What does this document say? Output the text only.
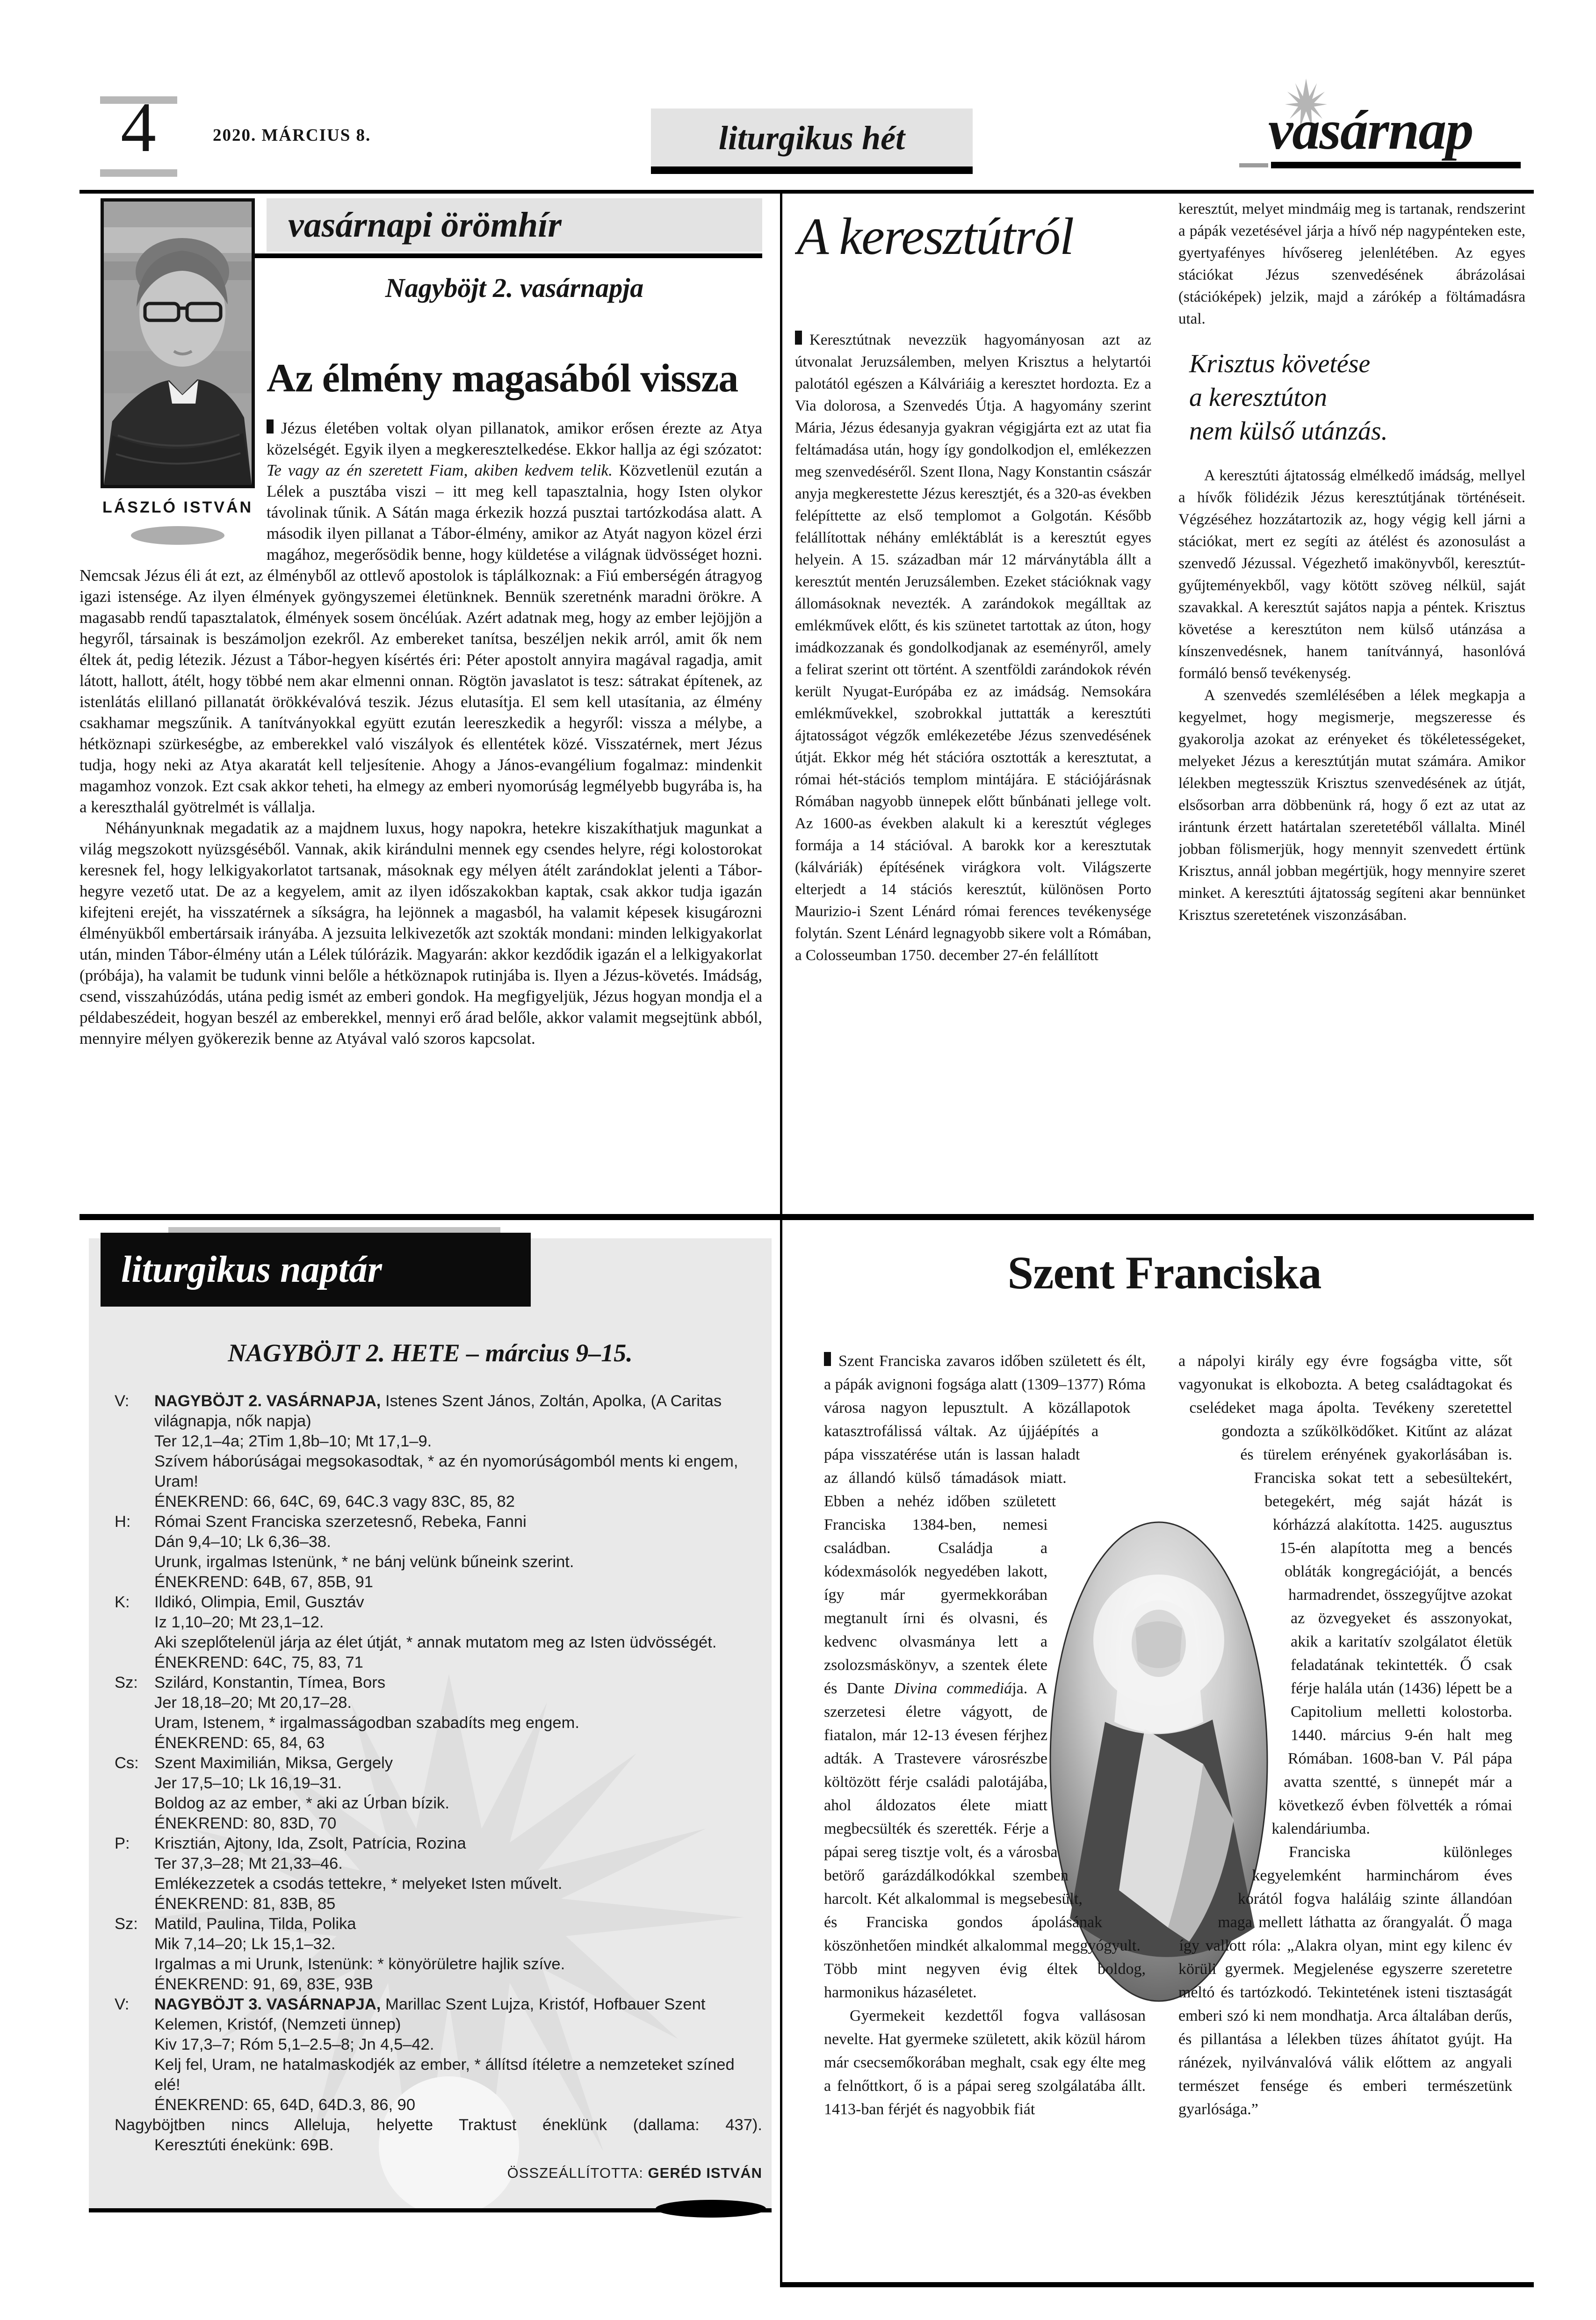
4	2020. MÁRCIUS 8.	liturgikus hét	vasárnap
LÁSZLÓ ISTVÁN
vasárnapi örömhír
Nagyböjt 2. vasárnapja
Az élmény magasából vissza

Jézus életében voltak olyan pillanatok, amikor erősen érezte az Atya közelségét. Egyik ilyen a megkeresztelkedése. Ekkor hallja az égi szózatot: Te vagy az én szeretett Fiam, akiben kedvem telik. Közvetlenül ezután a Lélek a pusztába viszi – itt meg kell tapasztalnia, hogy Isten olykor távolinak tűnik. A Sátán maga érkezik hozzá pusztai tartózkodása alatt. A második ilyen pillanat a Tábor-élmény, amikor az Atyát nagyon közel érzi magához, megerősödik benne, hogy küldetése a világnak üdvösséget hozni. Nemcsak Jézus éli át ezt, az élményből az ottlevő apostolok is táplálkoznak: a Fiú emberségén átragyog igazi istensége. Az ilyen élmények gyöngyszemei életünknek. Bennük szeretnénk maradni örökre. A magasabb rendű tapasztalatok, élmények sosem öncélúak. Azért adatnak meg, hogy az ember lejöjjön a hegyről, társainak is beszámoljon ezekről. Az embereket tanítsa, beszéljen nekik arról, amit ők nem éltek át, pedig létezik. Jézust a Tábor-hegyen kísértés éri: Péter apostolt annyira magával ragadja, amit látott, hallott, átélt, hogy többé nem akar elmenni onnan. Rögtön javaslatot is tesz: sátrakat építenek, az istenlátás elillanó pillanatát örökkévalóvá teszik. Jézus elutasítja. El sem kell utasítania, az élmény csakhamar megszűnik. A tanítványokkal együtt ezután leereszkedik a hegyről: vissza a mélybe, a hétköznapi szürkeségbe, az emberekkel való viszályok és ellentétek közé. Visszatérnek, mert Jézus tudja, hogy neki az Atya akaratát kell teljesítenie. Ahogy a János-evangélium fogalmaz: mindenkit magamhoz vonzok. Ezt csak akkor teheti, ha elmegy az emberi nyomorúság legmélyebb bugyrába is, ha a kereszthalál gyötrelmét is vállalja.

Néhányunknak megadatik az a majdnem luxus, hogy napokra, hetekre kiszakíthatjuk magunkat a világ megszokott nyüzsgéséből. Vannak, akik kirándulni mennek egy csendes helyre, régi kolostorokat keresnek fel, hogy lelkigyakorlatot tartsanak, másoknak egy mélyen átélt zarándoklat jelenti a Tábor-hegyre vezető utat. De az a kegyelem, amit az ilyen időszakokban kaptak, csak akkor tudja igazán kifejteni erejét, ha visszatérnek a síkságra, ha lejönnek a magasból, ha valamit képesek kisugározni élményükből embertársaik irányába. A jezsuita lelkivezetők azt szokták mondani: minden lelkigyakorlat után, minden Tábor-élmény után a Lélek túlórázik. Magyarán: akkor kezdődik igazán el a lelkigyakorlat (próbája), ha valamit be tudunk vinni belőle a hétköznapok rutinjába is. Ilyen a Jézus-követés. Imádság, csend, visszahúzódás, utána pedig ismét az emberi gondok. Ha megfigyeljük, Jézus hogyan mondja el a példabeszédeit, hogyan beszél az emberekkel, mennyi erő árad belőle, akkor valamit megsejtünk abból, mennyire mélyen gyökerezik benne az Atyával való szoros kapcsolat.

A keresztútról

Keresztútnak nevezzük hagyományosan azt az útvonalat Jeruzsálemben, melyen Krisztus a helytartói palotától egészen a Kálváriáig a keresztet hordozta. Ez a Via dolorosa, a Szenvedés Útja. A hagyomány szerint Mária, Jézus édesanyja gyakran végigjárta ezt az utat fia feltámadása után, hogy így gondolkodjon el, emlékezzen meg szenvedéséről. Szent Ilona, Nagy Konstantin császár anyja megkerestette Jézus keresztjét, és a 320-as években felépíttette az első templomot a Golgotán. Később felállítottak néhány emléktáblát is a keresztút egyes helyein. A 15. században már 12 márványtábla állt a keresztút mentén Jeruzsálemben. Ezeket stációknak vagy állomásoknak nevezték. A zarándokok megálltak az emlékművek előtt, és kis szünetet tartottak az úton, hogy imádkozzanak és gondolkodjanak az eseményről, amely a felirat szerint ott történt. A szentföldi zarándokok révén került Nyugat-Európába ez az imádság. Nemsokára emlékművekkel, szobrokkal juttatták a keresztúti ájtatosságot végzők emlékezetébe Jézus szenvedésének útját. Ekkor még hét stációra osztották a keresztutat, a római hét-stációs templom mintájára. E stációjárásnak Rómában nagyobb ünnepek előtt bűnbánati jellege volt. Az 1600-as években alakult ki a keresztút végleges formája a 14 stációval. A barokk kor a keresztutak (kálváriák) építésének virágkora volt. Világszerte elterjedt a 14 stációs keresztút, különösen Porto Maurizio-i Szent Lénárd római ferences tevékenysége folytán. Szent Lénárd legnagyobb sikere volt a Rómában, a Colosseumban 1750. december 27-én felállított

keresztút, melyet mindmáig meg is tartanak, rendszerint a pápák vezetésével járja a hívő nép nagypénteken este, gyertyafényes hívősereg jelenlétében. Az egyes stációkat Jézus szenvedésének ábrázolásai (stációképek) jelzik, majd a zárókép a föltámadásra utal.

Krisztus követése
a keresztúton
nem külső utánzás.

A keresztúti ájtatosság elmélkedő imádság, mellyel a hívők fölidézik Jézus keresztútjának történéseit. Végzéséhez hozzátartozik az, hogy végig kell járni a stációkat, mert ez segíti az átélést és azonosulást a szenvedő Jézussal. Végezhető imakönyvből, keresztút-gyűjteményekből, vagy kötött szöveg nélkül, saját szavakkal. A keresztút sajátos napja a péntek. Krisztus követése a keresztúton nem külső utánzása a kínszenvedésnek, hanem tanítvánnyá, hasonlóvá formáló benső tevékenység.

A szenvedés szemlélésében a lélek megkapja a kegyelmet, hogy megismerje, megszeresse és gyakorolja azokat az erényeket és tökéletességeket, melyeket Jézus a keresztútján mutat számára. Amikor lélekben megtesszük Krisztus szenvedésének az útját, elsősorban arra döbbenünk rá, hogy ő ezt az utat az irántunk érzett határtalan szeretetéből vállalta. Minél jobban fölismerjük, hogy mennyit szenvedett értünk Krisztus, annál jobban megértjük, hogy mennyire szeret minket. A keresztúti ájtatosság segíteni akar bennünket Krisztus szeretetének viszonzásában.

liturgikus naptár
NAGYBÖJT 2. HETE – március 9–15.
V: NAGYBÖJT 2. VASÁRNAPJA, Istenes Szent János, Zoltán, Apolka, (A Caritas világnapja, nők napja)
Ter 12,1–4a; 2Tim 1,8b–10; Mt 17,1–9.
Szívem háborúságai megsokasodtak, * az én nyomorúságomból ments ki engem, Uram!
ÉNEKREND: 66, 64C, 69, 64C.3 vagy 83C, 85, 82
H: Római Szent Franciska szerzetesnő, Rebeka, Fanni
Dán 9,4–10; Lk 6,36–38.
Urunk, irgalmas Istenünk, * ne bánj velünk bűneink szerint.
ÉNEKREND: 64B, 67, 85B, 91
K: Ildikó, Olimpia, Emil, Gusztáv
Iz 1,10–20; Mt 23,1–12.
Aki szeplőtelenül járja az élet útját, * annak mutatom meg az Isten üdvösségét. ÉNEKREND: 64C, 75, 83, 71
Sz: Szilárd, Konstantin, Tímea, Bors
Jer 18,18–20; Mt 20,17–28.
Uram, Istenem, * irgalmasságodban szabadíts meg engem.
ÉNEKREND: 65, 84, 63
Cs: Szent Maximilián, Miksa, Gergely
Jer 17,5–10; Lk 16,19–31.
Boldog az az ember, * aki az Úrban bízik.
ÉNEKREND: 80, 83D, 70
P: Krisztián, Ajtony, Ida, Zsolt, Patrícia, Rozina
Ter 37,3–28; Mt 21,33–46.
Emlékezzetek a csodás tettekre, * melyeket Isten művelt.
ÉNEKREND: 81, 83B, 85
Sz: Matild, Paulina, Tilda, Polika
Mik 7,14–20; Lk 15,1–32.
Irgalmas a mi Urunk, Istenünk: * könyörületre hajlik szíve.
ÉNEKREND: 91, 69, 83E, 93B
V: NAGYBÖJT 3. VASÁRNAPJA, Marillac Szent Lujza, Kristóf, Hofbauer Szent Kelemen, Kristóf, (Nemzeti ünnep)
Kiv 17,3–7; Róm 5,1–2.5–8; Jn 4,5–42.
Kelj fel, Uram, ne hatalmaskodjék az ember, * állítsd ítéletre a nemzeteket színed elé!
ÉNEKREND: 65, 64D, 64D.3, 86, 90
Nagyböjtben nincs Alleluja, helyette Traktust éneklünk (dallama: 437).
Keresztúti énekünk: 69B.
ÖSSZEÁLLÍTOTTA: GERÉD ISTVÁN
Szent Franciska

Szent Franciska zavaros időben született és élt, a pápák avignoni fogsága alatt (1309–1377) Róma városa nagyon lepusztult. A közállapotok katasztrofálissá váltak. Az újjáépítés a pápa visszatérése után is lassan haladt az állandó külső támadások miatt. Ebben a nehéz időben született Franciska 1384-ben, nemesi családban. Családja a kódexmásolók negyedében lakott, így már gyermekkorában megtanult írni és olvasni, és kedvenc olvasmánya lett a zsolozsmáskönyv, a szentek élete és Dante Divina commediája. A szerzetesi életre vágyott, de fiatalon, már 12-13 évesen férjhez adták. A Trastevere városrészbe költözött férje családi palotájába, ahol áldozatos élete miatt megbecsülték és szerették. Férje a pápai sereg tisztje volt, és a városba betörő garázdálkodókkal szemben harcolt. Két alkalommal is megsebesült, és Franciska gondos ápolásának köszönhetően mindkét alkalommal meggyógyult. Több mint negyven évig éltek boldog, harmonikus házaséletet.

Gyermekeit kezdettől fogva vallásosan nevelte. Hat gyermeke született, akik közül három már csecsemőkorában meghalt, csak egy élte meg a felnőttkort, ő is a pápai sereg szolgálatába állt. 1413-ban férjét és nagyobbik fiát

a nápolyi király egy évre fogságba vitte, sőt vagyonukat is elkobozta. A beteg családtagokat és cselédeket maga ápolta. Tevékeny szeretettel gondozta a szűkölködőket. Kitűnt az alázat és türelem erényének gyakorlásában is. Franciska sokat tett a sebesültekért, betegekért, még saját házát is kórházzá alakította. 1425. augusztus 15-én alapította meg a bencés obláták kongregációját, a bencés harmadrendet, összegyűjtve azokat az özvegyeket és asszonyokat, akik a karitatív szolgálatot életük feladatának tekintették. Ő csak férje halála után (1436) lépett be a Capitolium melletti kolostorba. 1440. március 9-én halt meg Rómában. 1608-ban V. Pál pápa avatta szentté, s ünnepét már a következő évben fölvették a római kalendáriumba.

Franciska különleges kegyelemként harminchárom éves korától fogva haláláig szinte állandóan maga mellett láthatta az őrangyalát. Ő maga így vallott róla: „Alakra olyan, mint egy kilenc év körüli gyermek. Megjelenése egyszerre szeretetre méltó és tartózkodó. Tekintetének isteni tisztaságát emberi szó ki nem mondhatja. Arca általában derűs, és pillantása a lélekben tüzes áhítatot gyújt. Ha ránézek, nyilvánvalóvá válik előttem az angyali természet fensége és emberi természetünk gyarlósága.”
